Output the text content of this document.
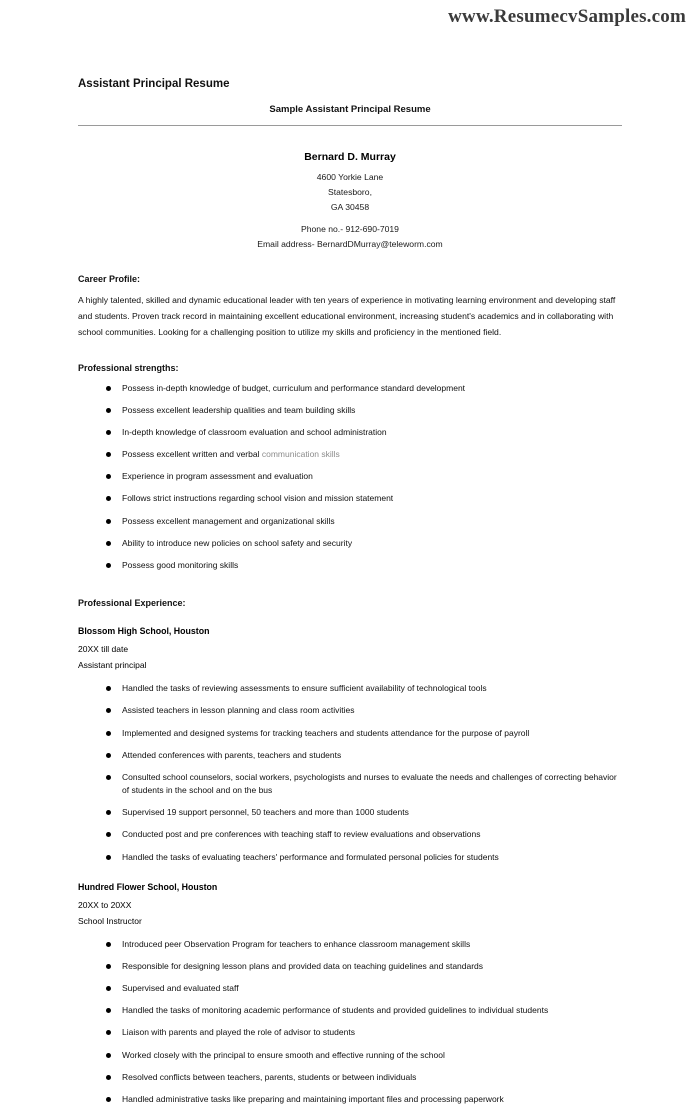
www.ResumecvSamples.com
Assistant Principal Resume
Sample Assistant Principal Resume
Bernard D. Murray
4600 Yorkie Lane
Statesboro,
GA 30458
Phone no.- 912-690-7019
Email address- BernardDMurray@teleworm.com
Career Profile:
A highly talented, skilled and dynamic educational leader with ten years of experience in motivating learning environment and developing staff and students. Proven track record in maintaining excellent educational environment, increasing student's academics and in collaborating with school communities. Looking for a challenging position to utilize my skills and proficiency in the mentioned field.
Professional strengths:
Possess in-depth knowledge of budget, curriculum and performance standard development
Possess excellent leadership qualities and team building skills
In-depth knowledge of classroom evaluation and school administration
Possess excellent written and verbal communication skills
Experience in program assessment and evaluation
Follows strict instructions regarding school vision and mission statement
Possess excellent management and organizational skills
Ability to introduce new policies on school safety and security
Possess good monitoring skills
Professional Experience:
Blossom High School, Houston
20XX till date
Assistant principal
Handled the tasks of reviewing assessments to ensure sufficient availability of technological tools
Assisted teachers in lesson planning and class room activities
Implemented and designed systems for tracking teachers and students attendance for the purpose of payroll
Attended conferences with parents, teachers and students
Consulted school counselors, social workers, psychologists and nurses to evaluate the needs and challenges of correcting behavior of students in the school and on the bus
Supervised 19 support personnel, 50 teachers and more than 1000 students
Conducted post and pre conferences with teaching staff to review evaluations and observations
Handled the tasks of evaluating teachers' performance and formulated personal policies for students
Hundred Flower School, Houston
20XX to 20XX
School Instructor
Introduced peer Observation Program for teachers to enhance classroom management skills
Responsible for designing lesson plans and provided data on teaching guidelines and standards
Supervised and evaluated staff
Handled the tasks of monitoring academic performance of students and provided guidelines to individual students
Liaison with parents and played the role of advisor to students
Worked closely with the principal to ensure smooth and effective running of the school
Resolved conflicts between teachers, parents, students or between individuals
Handled administrative tasks like preparing and maintaining important files and processing paperwork
